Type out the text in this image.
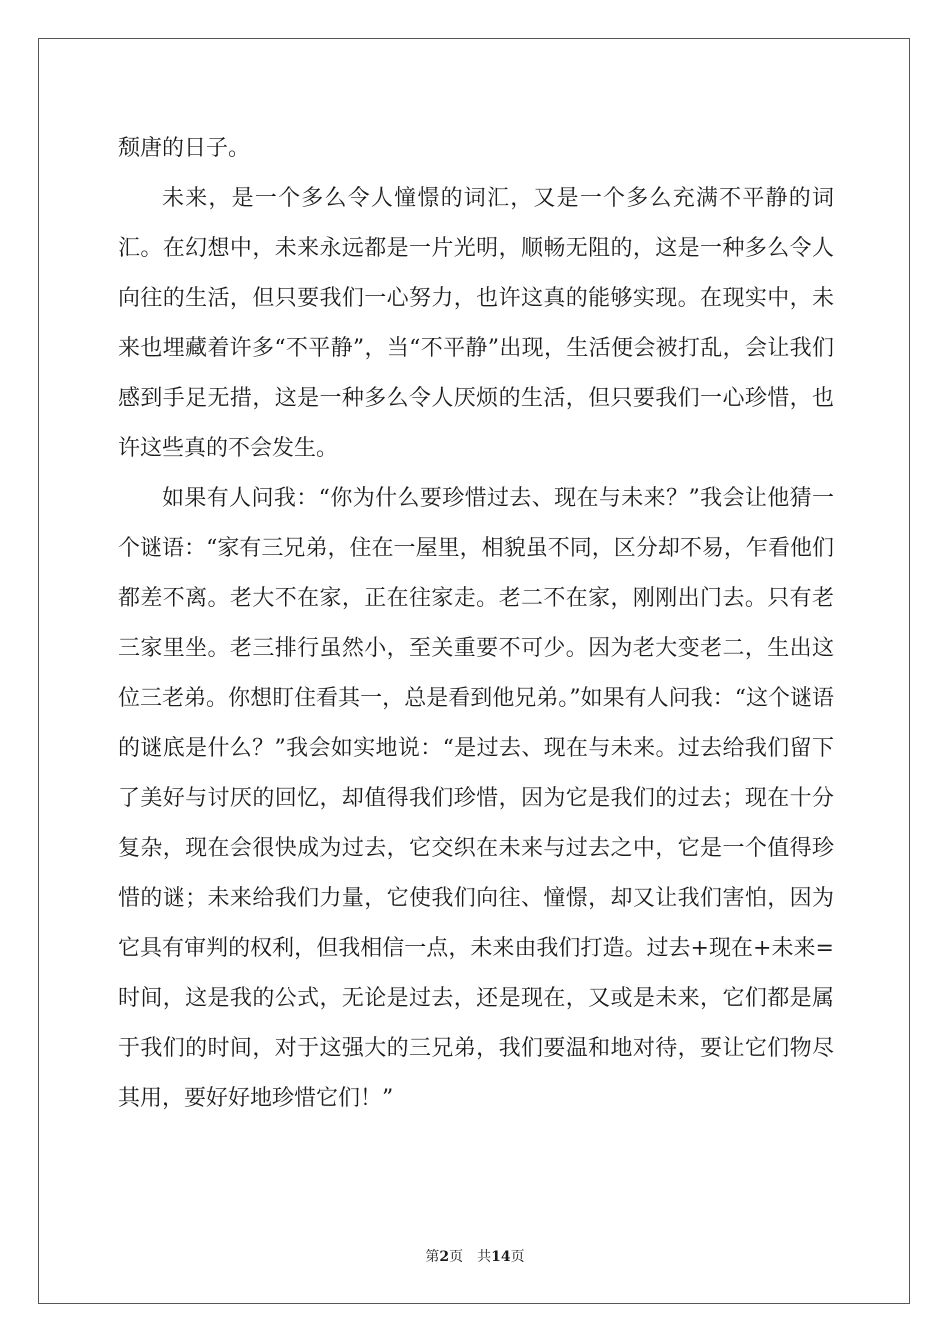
颓唐的日子。

未来，是一个多么令人憧憬的词汇，又是一个多么充满不平静的词汇。在幻想中，未来永远都是一片光明，顺畅无阻的，这是一种多么令人向往的生活，但只要我们一心努力，也许这真的能够实现。在现实中，未来也埋藏着许多“不平静”，当“不平静”出现，生活便会被打乱，会让我们感到手足无措，这是一种多么令人厌烦的生活，但只要我们一心珍惜，也许这些真的不会发生。

如果有人问我：“你为什么要珍惜过去、现在与未来？”我会让他猜一个谜语：“家有三兄弟，住在一屋里，相貌虽不同，区分却不易，乍看他们都差不离。老大不在家，正在往家走。老二不在家，刚刚出门去。只有老三家里坐。老三排行虽然小，至关重要不可少。因为老大变老二，生出这位三老弟。你想盯住看其一，总是看到他兄弟。”如果有人问我：“这个谜语的谜底是什么？”我会如实地说：“是过去、现在与未来。过去给我们留下了美好与讨厌的回忆，却值得我们珍惜，因为它是我们的过去；现在十分复杂，现在会很快成为过去，它交织在未来与过去之中，它是一个值得珍惜的谜；未来给我们力量，它使我们向往、憧憬，却又让我们害怕，因为它具有审判的权利，但我相信一点，未来由我们打造。过去+现在+未来=时间，这是我的公式，无论是过去，还是现在，又或是未来，它们都是属于我们的时间，对于这强大的三兄弟，我们要温和地对待，要让它们物尽其用，要好好地珍惜它们！”

第2页 共14页
